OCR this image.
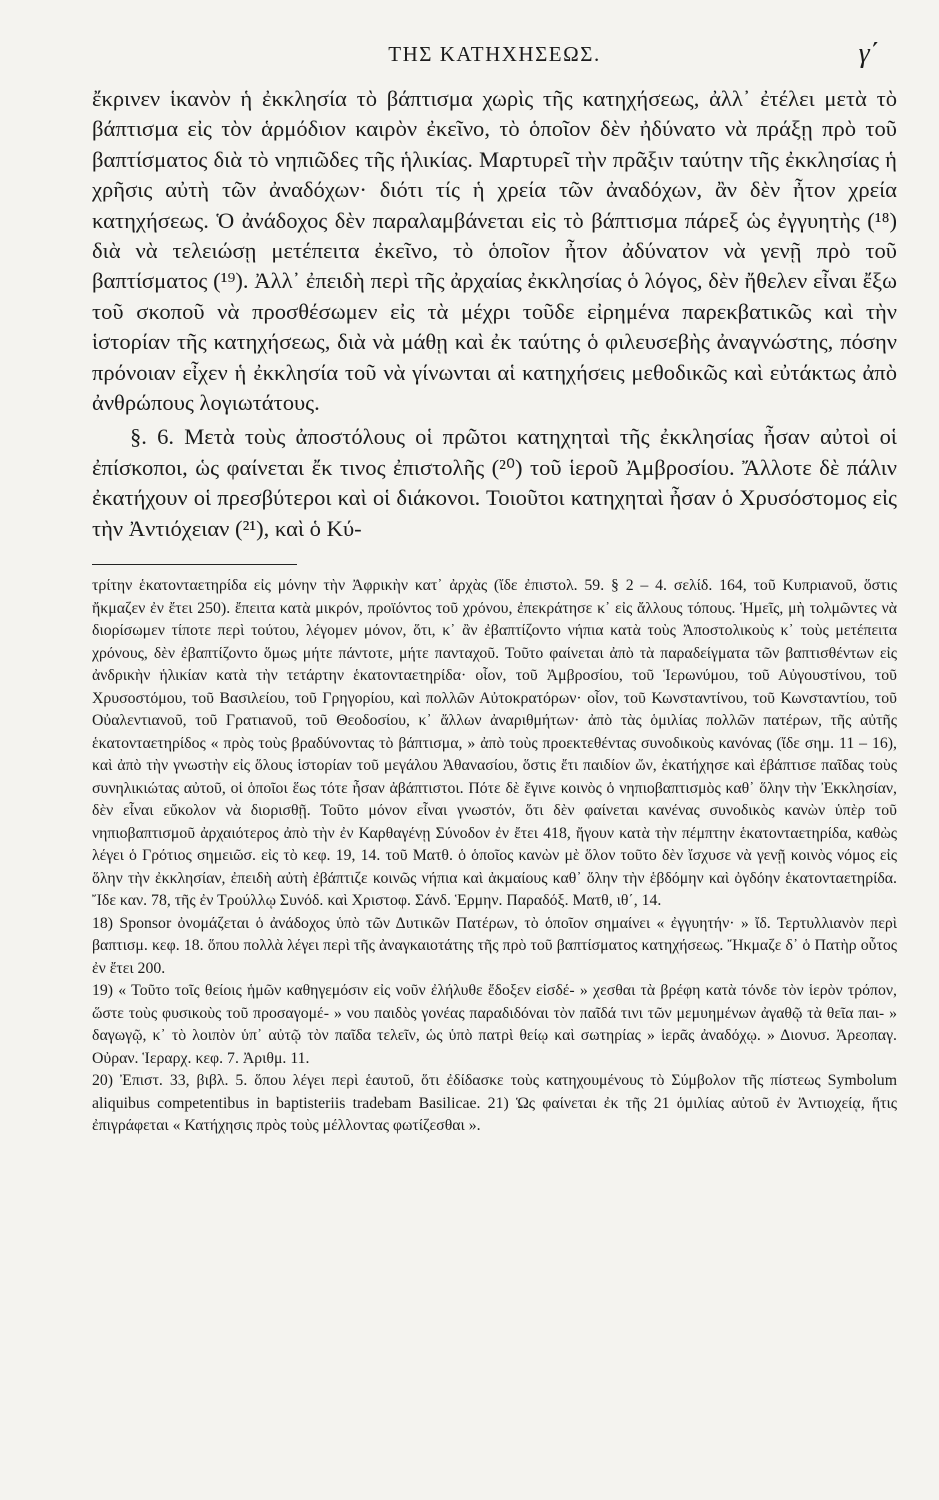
ΤΗΣ ΚΑΤΗΧΗΣΕΩΣ.	γ΄

ἔκρινεν ἱκανὸν ἡ ἐκκλησία τὸ βάπτισμα χωρὶς τῆς κατηχήσεως, ἀλλ᾽ ἐτέλει μετὰ τὸ βάπτισμα εἰς τὸν ἁρμόδιον καιρὸν ἐκεῖνο, τὸ ὁποῖον δὲν ἠδύνατο νὰ πράξῃ πρὸ τοῦ βαπτίσματος διὰ τὸ νηπιῶδες τῆς ἡλικίας. Μαρτυρεῖ τὴν πρᾶξιν ταύτην τῆς ἐκκλησίας ἡ χρῆσις αὐτὴ τῶν ἀναδόχων· διότι τίς ἡ χρεία τῶν ἀναδόχων, ἂν δὲν ἦτον χρεία κατηχήσεως. Ὁ ἀνάδοχος δὲν παραλαμβάνεται εἰς τὸ βάπτισμα πάρεξ ὡς ἐγγυητὴς (¹⁸) διὰ νὰ τελειώσῃ μετέπειτα ἐκεῖνο, τὸ ὁποῖον ἦτον ἀδύνατον νὰ γενῇ πρὸ τοῦ βαπτίσματος (¹⁹). Ἀλλ᾽ ἐπειδὴ περὶ τῆς ἀρχαίας ἐκκλησίας ὁ λόγος, δὲν ἤθελεν εἶναι ἔξω τοῦ σκοποῦ νὰ προσθέσωμεν εἰς τὰ μέχρι τοῦδε εἰρημένα παρεκβατικῶς καὶ τὴν ἱστορίαν τῆς κατηχήσεως, διὰ νὰ μάθῃ καὶ ἐκ ταύτης ὁ φιλευσεβὴς ἀναγνώστης, πόσην πρόνοιαν εἶχεν ἡ ἐκκλησία τοῦ νὰ γίνωνται αἱ κατηχήσεις μεθοδικῶς καὶ εὐτάκτως ἀπὸ ἀνθρώπους λογιωτάτους.

§. 6. Μετὰ τοὺς ἀποστόλους οἱ πρῶτοι κατηχηταὶ τῆς ἐκκλησίας ἦσαν αὐτοὶ οἱ ἐπίσκοποι, ὡς φαίνεται ἔκ τινος ἐπιστολῆς (²⁰) τοῦ ἱεροῦ Ἀμβροσίου. Ἄλλοτε δὲ πάλιν ἐκατήχουν οἱ πρεσβύτεροι καὶ οἱ διάκονοι. Τοιοῦτοι κατηχηταὶ ἦσαν ὁ Χρυσόστομος εἰς τὴν Ἀντιόχειαν (²¹), καὶ ὁ Κύ-

τρίτην ἑκατονταετηρίδα εἰς μόνην τὴν Ἀφρικὴν κατ᾽ ἀρχὰς (ἴδε ἐπιστολ. 59. § 2 – 4. σελίδ. 164, τοῦ Κυπριανοῦ, ὅστις ἤκμαζεν ἐν ἔτει 250). ἔπειτα κατὰ μικρόν, προϊόντος τοῦ χρόνου, ἐπεκράτησε κ᾽ εἰς ἄλλους τόπους. Ἡμεῖς, μὴ τολμῶντες νὰ διορίσωμεν τίποτε περὶ τούτου, λέγομεν μόνον, ὅτι, κ᾽ ἂν ἐβαπτίζοντο νήπια κατὰ τοὺς Ἀποστολικοὺς κ᾽ τοὺς μετέπειτα χρόνους, δὲν ἐβαπτίζοντο ὅμως μήτε πάντοτε, μήτε πανταχοῦ. Τοῦτο φαίνεται ἀπὸ τὰ παραδείγματα τῶν βαπτισθέντων εἰς ἀνδρικὴν ἡλικίαν κατὰ τὴν τετάρτην ἑκατονταετηρίδα· οἷον, τοῦ Ἀμβροσίου, τοῦ Ἱερωνύμου, τοῦ Αὐγουστίνου, τοῦ Χρυσοστόμου, τοῦ Βασιλείου, τοῦ Γρηγορίου, καὶ πολλῶν Αὐτοκρατόρων· οἷον, τοῦ Κωνσταντίνου, τοῦ Κωνσταντίου, τοῦ Οὐαλεντιανοῦ, τοῦ Γρατιανοῦ, τοῦ Θεοδοσίου, κ᾽ ἄλλων ἀναριθμήτων· ἀπὸ τὰς ὁμιλίας πολλῶν πατέρων, τῆς αὐτῆς ἑκατονταετηρίδος « πρὸς τοὺς βραδύνοντας τὸ βάπτισμα, » ἀπὸ τοὺς προεκτεθέντας συνοδικοὺς κανόνας (ἴδε σημ. 11 – 16), καὶ ἀπὸ τὴν γνωστὴν εἰς ὅλους ἱστορίαν τοῦ μεγάλου Ἀθανασίου, ὅστις ἔτι παιδίον ὤν, ἐκατήχησε καὶ ἐβάπτισε παῖδας τοὺς συνηλικιώτας αὐτοῦ, οἱ ὁποῖοι ἕως τότε ἦσαν ἀβάπτιστοι. Πότε δὲ ἔγινε κοινὸς ὁ νηπιοβαπτισμὸς καθ᾽ ὅλην τὴν Ἐκκλησίαν, δὲν εἶναι εὔκολον νὰ διορισθῇ. Τοῦτο μόνον εἶναι γνωστόν, ὅτι δὲν φαίνεται κανένας συνοδικὸς κανὼν ὑπὲρ τοῦ νηπιοβαπτισμοῦ ἀρχαιότερος ἀπὸ τὴν ἐν Καρθαγένῃ Σύνοδον ἐν ἔτει 418, ἤγουν κατὰ τὴν πέμπτην ἑκατονταετηρίδα, καθὼς λέγει ὁ Γρότιος σημειῶσ. εἰς τὸ κεφ. 19, 14. τοῦ Ματθ. ὁ ὁποῖος κανὼν μὲ ὅλον τοῦτο δὲν ἴσχυσε νὰ γενῇ κοινὸς νόμος εἰς ὅλην τὴν ἐκκλησίαν, ἐπειδὴ αὐτὴ ἐβάπτιζε κοινῶς νήπια καὶ ἀκμαίους καθ᾽ ὅλην τὴν ἑβδόμην καὶ ὀγδόην ἑκατονταετηρίδα. Ἴδε καν. 78, τῆς ἐν Τρούλλῳ Συνόδ. καὶ Χριστοφ. Σάνδ. Ἑρμην. Παραδόξ. Ματθ, ιθ΄, 14.

18) Sponsor ὀνομάζεται ὁ ἀνάδοχος ὑπὸ τῶν Δυτικῶν Πατέρων, τὸ ὁποῖον σημαίνει « ἐγγυητήν· » ἴδ. Τερτυλλιανὸν περὶ βαπτισμ. κεφ. 18. ὅπου πολλὰ λέγει περὶ τῆς ἀναγκαιοτάτης τῆς πρὸ τοῦ βαπτίσματος κατηχήσεως. Ἤκμαζε δ᾽ ὁ Πατὴρ οὗτος ἐν ἔτει 200.

19) « Τοῦτο τοῖς θείοις ἡμῶν καθηγεμόσιν εἰς νοῦν ἐλήλυθε ἔδοξεν εἰσδέ- » χεσθαι τὰ βρέφη κατὰ τόνδε τὸν ἱερὸν τρόπον, ὥστε τοὺς φυσικοὺς τοῦ προσαγομέ- » νου παιδὸς γονέας παραδιδόναι τὸν παῖδά τινι τῶν μεμυημένων ἀγαθῷ τὰ θεῖα παι- » δαγωγῷ, κ᾽ τὸ λοιπὸν ὑπ᾽ αὐτῷ τὸν παῖδα τελεῖν, ὡς ὑπὸ πατρὶ θείῳ καὶ σωτηρίας » ἱερᾶς ἀναδόχῳ. » Διονυσ. Ἀρεοπαγ. Οὐραν. Ἱεραρχ. κεφ. 7. Ἀριθμ. 11.

20) Ἐπιστ. 33, βιβλ. 5. ὅπου λέγει περὶ ἑαυτοῦ, ὅτι ἐδίδασκε τοὺς κατηχουμένους τὸ Σύμβολον τῆς πίστεως Symbolum aliquibus competentibus in baptisteriis tradebam Basilicae. 21) Ὡς φαίνεται ἐκ τῆς 21 ὁμιλίας αὐτοῦ ἐν Ἀντιοχείᾳ, ἥτις ἐπιγράφεται « Κατήχησις πρὸς τοὺς μέλλοντας φωτίζεσθαι ».
